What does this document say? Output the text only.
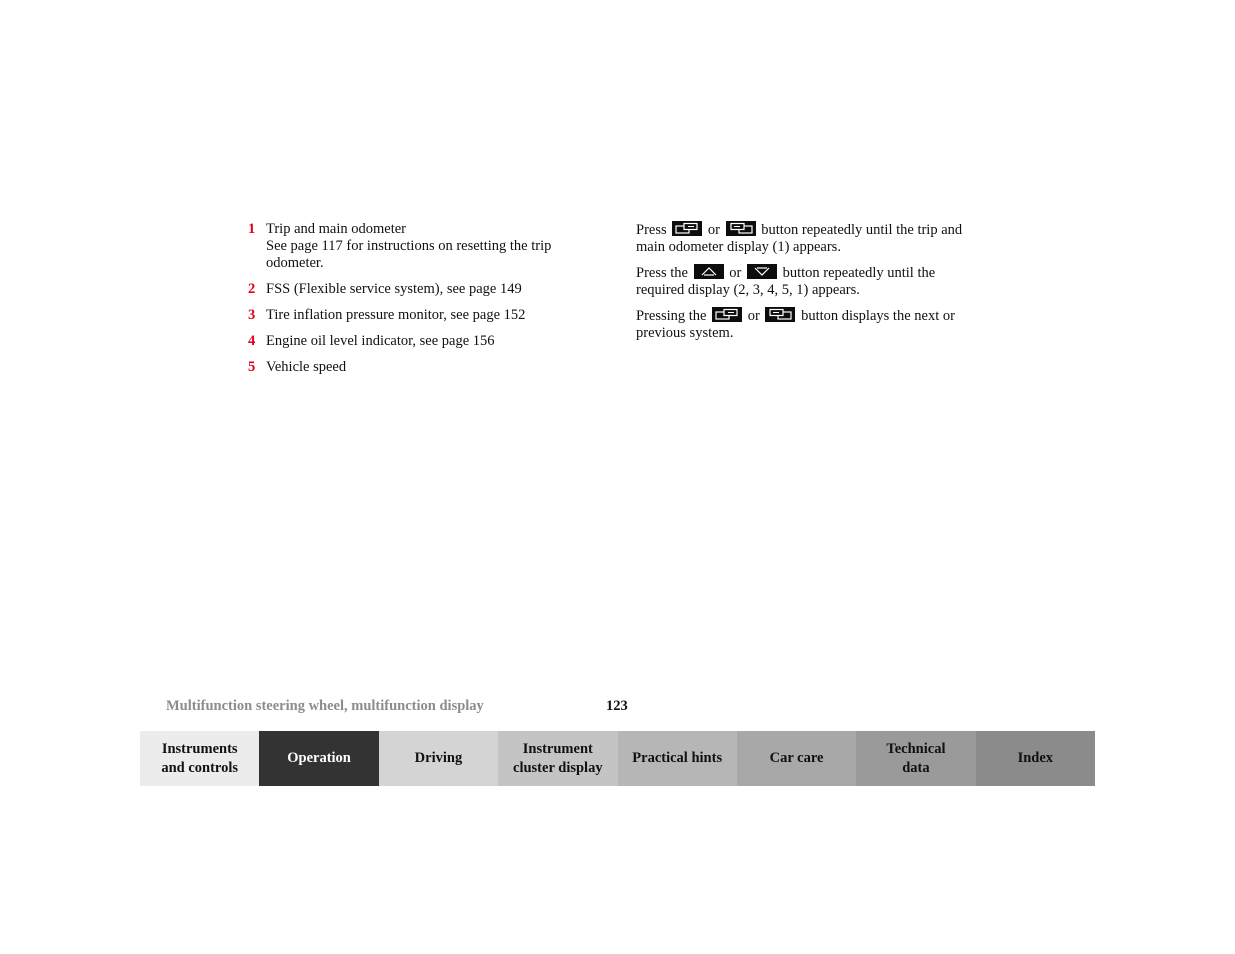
1 Trip and main odometer
See page 117 for instructions on resetting the trip
odometer.
2 FSS (Flexible service system), see page 149
3 Tire inflation pressure monitor, see page 152
4 Engine oil level indicator, see page 156
5 Vehicle speed

Press	or	button repeatedly until the trip and
main odometer display (1) appears.

Press the	or	button repeatedly until the
required display (2, 3, 4, 5, 1) appears.

Pressing the	or	button displays the next or
previous system.

Multifunction steering wheel, multifunction display	123
Instruments
and controls
Operation	Driving
Instrument
cluster display
Practical hints	Car care
Technical
data
Index
